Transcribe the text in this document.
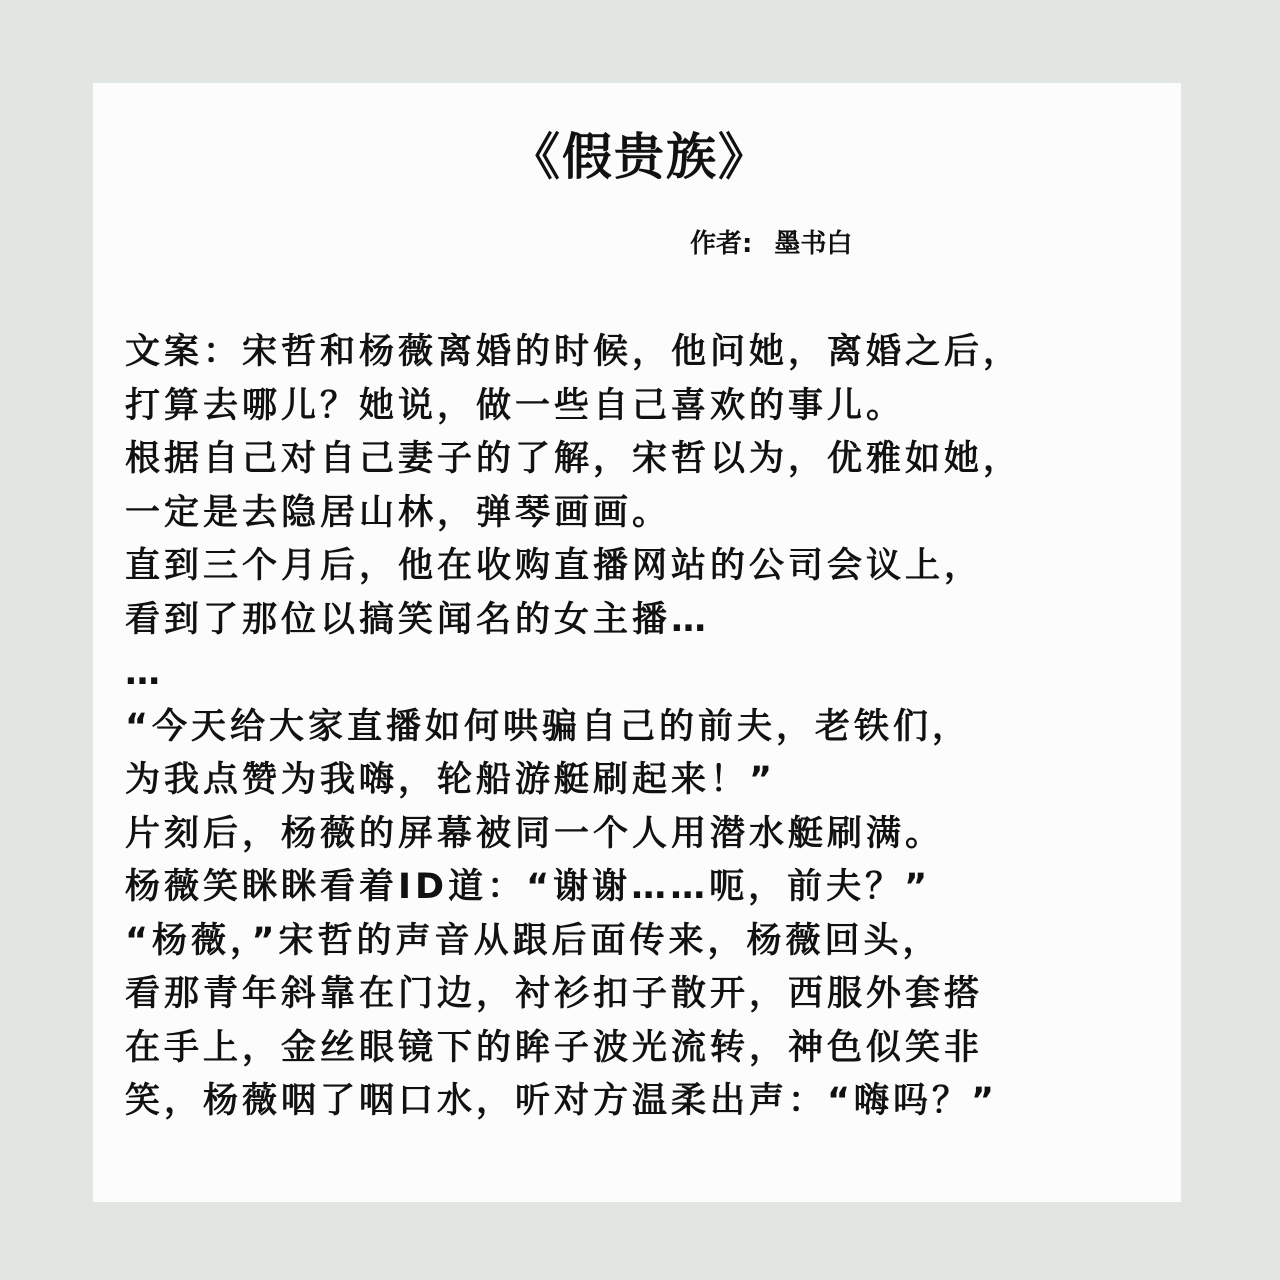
《假贵族》
作者: 墨书白
文案：宋哲和杨薇离婚的时候，他问她，离婚之后，
打算去哪儿？她说，做一些自己喜欢的事儿。
根据自己对自己妻子的了解，宋哲以为，优雅如她，
一定是去隐居山林，弹琴画画。
直到三个月后，他在收购直播网站的公司会议上，
看到了那位以搞笑闻名的女主播…
…
“今天给大家直播如何哄骗自己的前夫，老铁们，
为我点赞为我嗨，轮船游艇刷起来！”
片刻后，杨薇的屏幕被同一个人用潜水艇刷满。
杨薇笑眯眯看着ID道：“谢谢……呃，前夫？”
“杨薇，”宋哲的声音从跟后面传来，杨薇回头，
看那青年斜靠在门边，衬衫扣子散开，西服外套搭
在手上，金丝眼镜下的眸子波光流转，神色似笑非
笑，杨薇咽了咽口水，听对方温柔出声：“嗨吗？”
